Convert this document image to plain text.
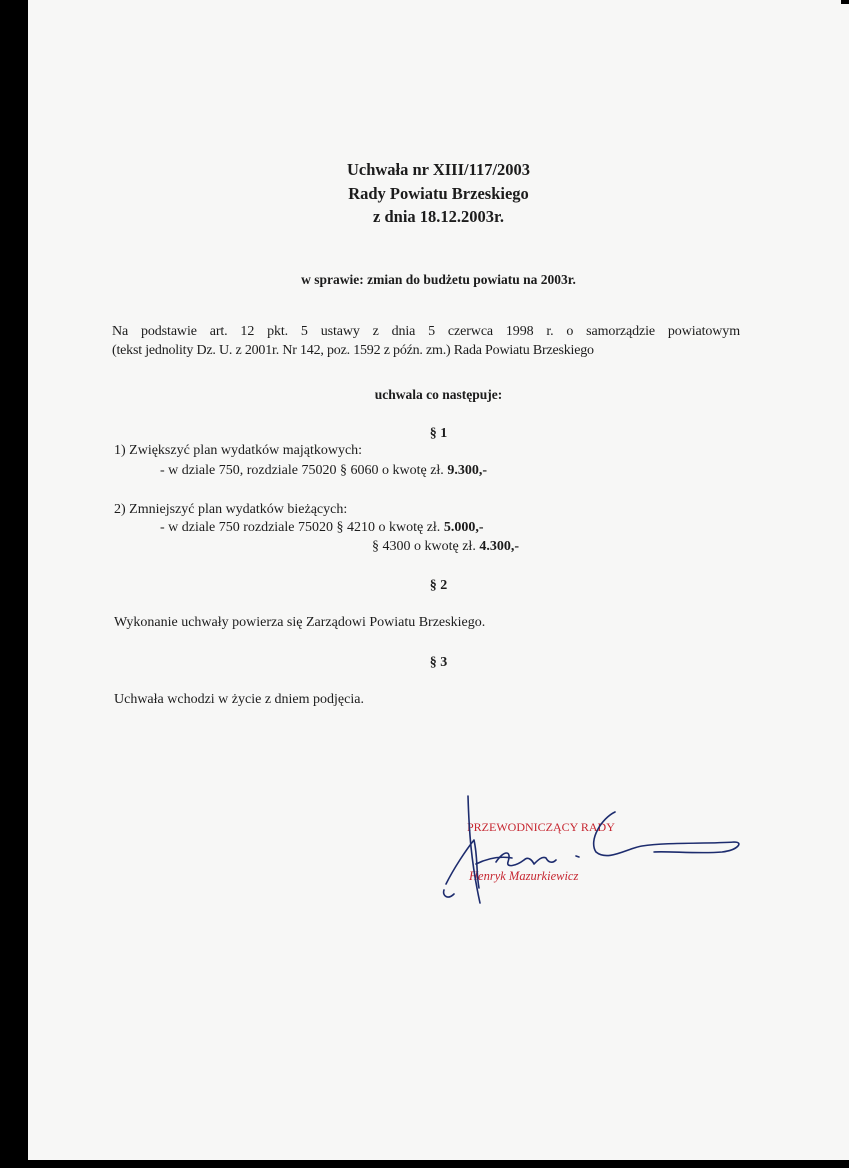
Uchwała nr XIII/117/2003
Rady Powiatu Brzeskiego
z dnia 18.12.2003r.
w sprawie: zmian do budżetu powiatu na 2003r.
Na podstawie art. 12 pkt. 5 ustawy z dnia 5 czerwca 1998 r. o samorządzie powiatowym
(tekst jednolity Dz. U. z 2001r. Nr 142, poz. 1592 z późn. zm.) Rada Powiatu Brzeskiego
uchwala co następuje:
§ 1
1) Zwiększyć plan wydatków majątkowych:
- w dziale 750, rozdziale 75020 § 6060 o kwotę zł. 9.300,-
2) Zmniejszyć plan wydatków bieżących:
- w dziale 750 rozdziale 75020 § 4210 o kwotę zł. 5.000,-
§ 4300 o kwotę zł. 4.300,-
§ 2
Wykonanie uchwały powierza się Zarządowi Powiatu Brzeskiego.
§ 3
Uchwała wchodzi w życie z dniem podjęcia.
PRZEWODNICZĄCY RADY
Henryk Mazurkiewicz
